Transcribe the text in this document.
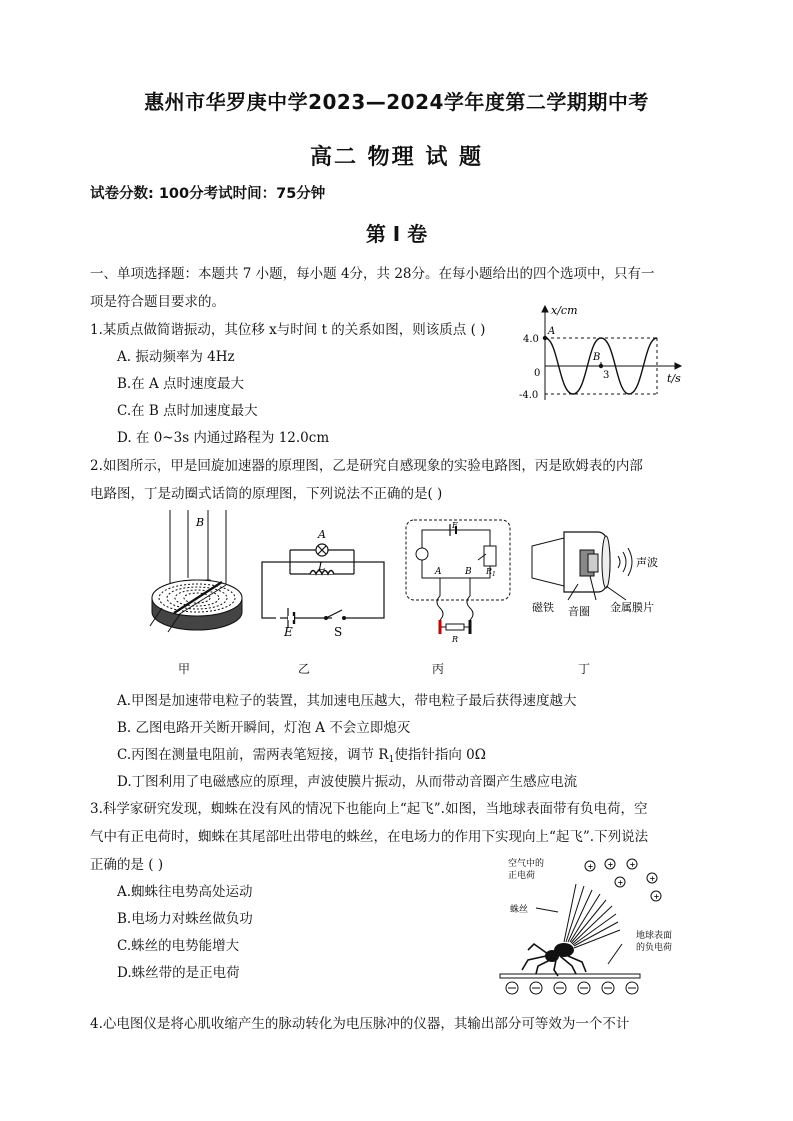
惠州市华罗庚中学2023—2024学年度第二学期期中考
高二 物理 试 题
试卷分数: 100分考试时间：75分钟
第 I 卷
一、单项选择题：本题共 7 小题，每小题 4分，共 28分。在每小题给出的四个选项中，只有一
项是符合题目要求的。
1.某质点做简谐振动，其位移 x与时间 t 的关系如图，则该质点 ( )
A. 振动频率为 4Hz
B.在 A 点时速度最大
C.在 B 点时加速度最大
D. 在 0~3s 内通过路程为 12.0cm
x/cm
t/s
4.0
-4.0
0	3
A
B
2.如图所示，甲是回旋加速器的原理图，乙是研究自感现象的实验电路图，丙是欧姆表的内部
电路图，丁是动圈式话筒的原理图，下列说法不正确的是( )
B
A
L
E	S
E
A	B $R_1$
R
声波
磁铁 音圈 金属膜片
甲	乙	丙	丁
A.甲图是加速带电粒子的装置，其加速电压越大，带电粒子最后获得速度越大
B. 乙图电路开关断开瞬间，灯泡 A 不会立即熄灭
C.丙图在测量电阻前，需两表笔短接，调节 $R_1$使指针指向 0Ω
D.丁图利用了电磁感应的原理，声波使膜片振动，从而带动音圈产生感应电流
3.科学家研究发现，蜘蛛在没有风的情况下也能向上“起飞”.如图，当地球表面带有负电荷，空
气中有正电荷时，蜘蛛在其尾部吐出带电的蛛丝，在电场力的作用下实现向上“起飞”.下列说法
正确的是 ( )
A.蜘蛛往电势高处运动
B.电场力对蛛丝做负功
C.蛛丝的电势能增大
D.蛛丝带的是正电荷
+ + +
+
+
+
空气中的
正电荷
蛛丝
地球表面
的负电荷
4.心电图仪是将心肌收缩产生的脉动转化为电压脉冲的仪器，其输出部分可等效为一个不计
